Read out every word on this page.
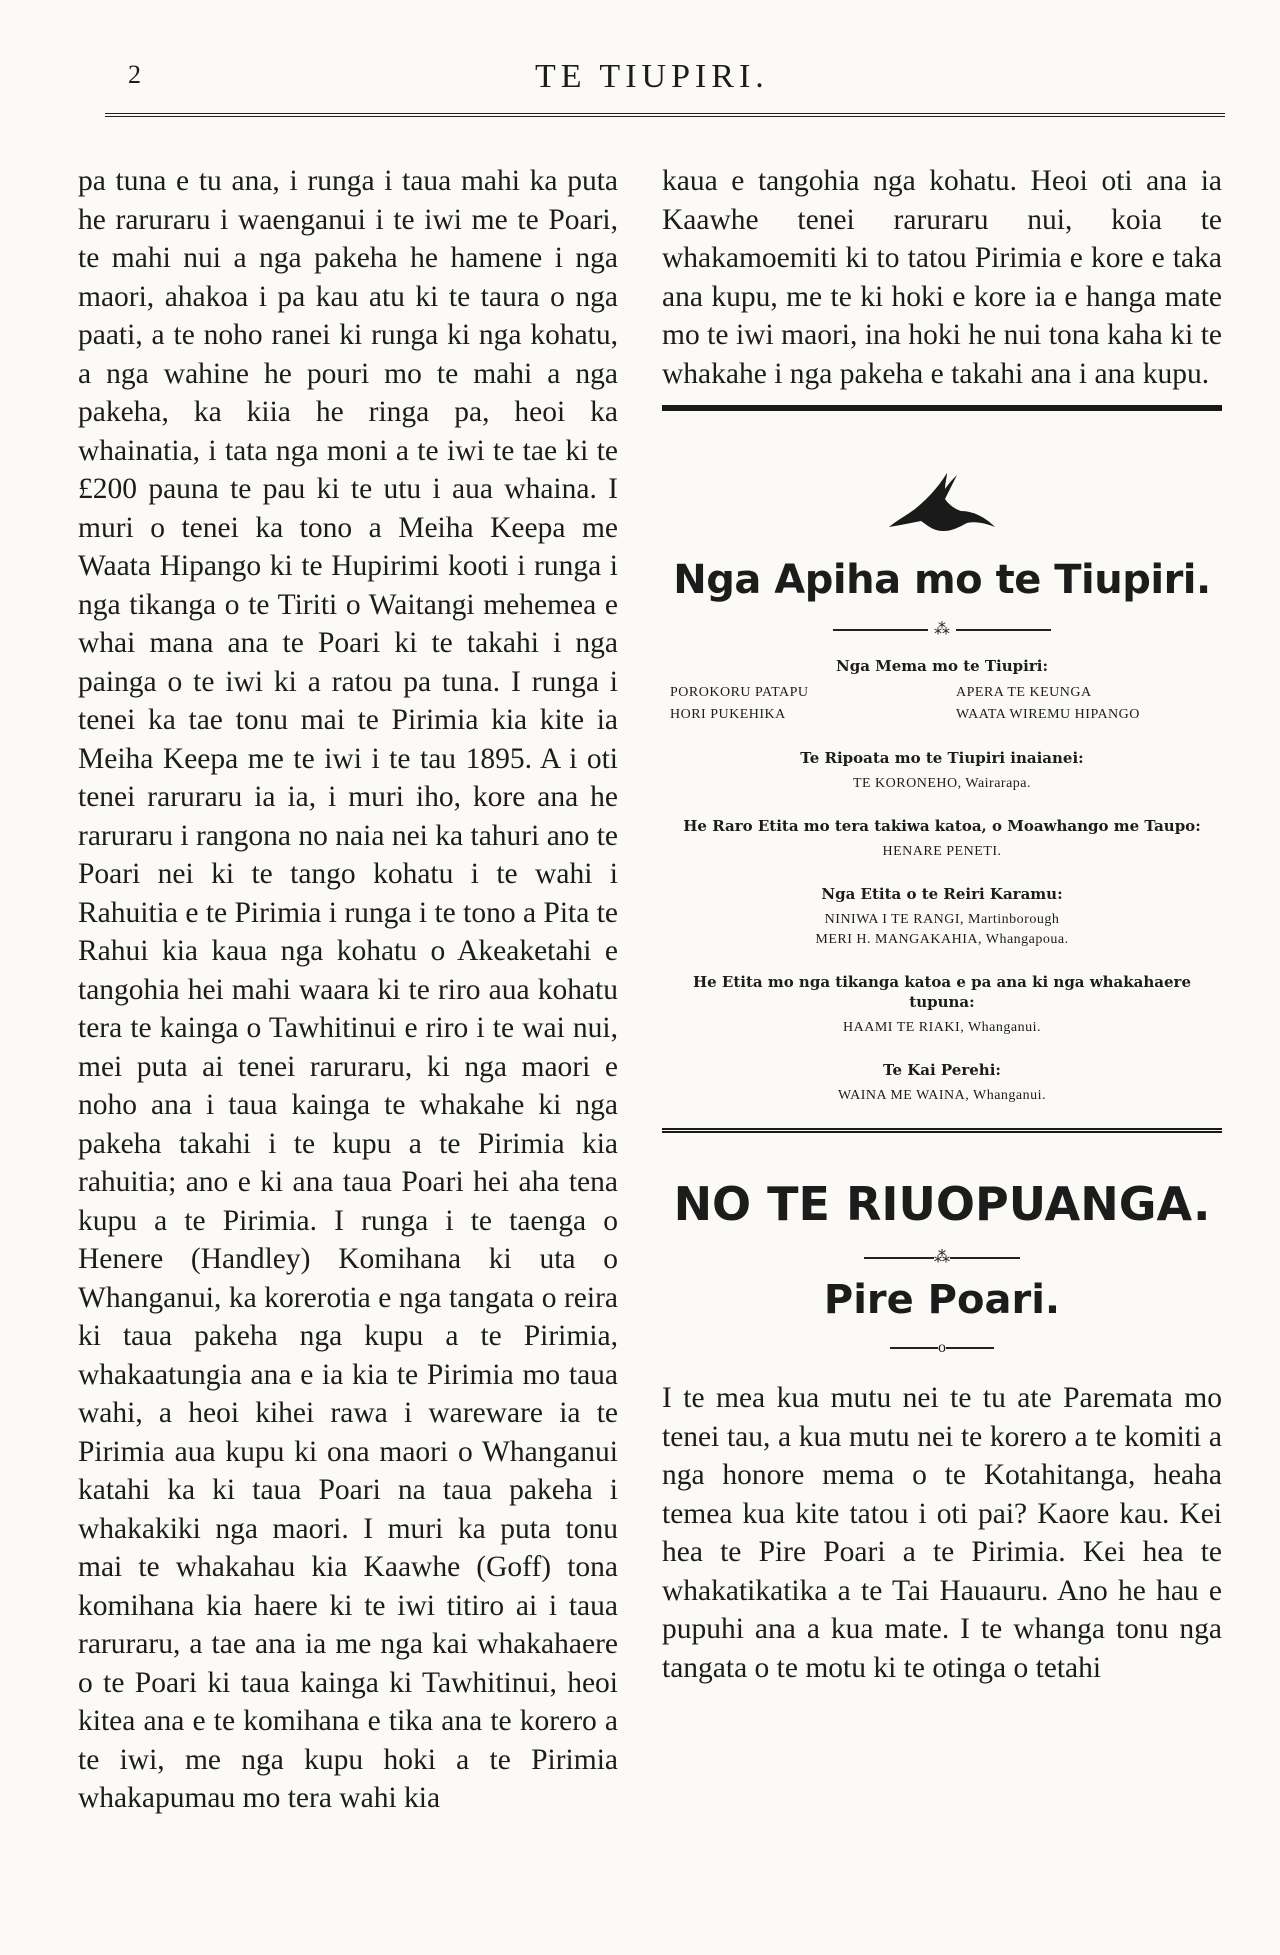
2	TE TIUPIRI.

pa tuna e tu ana, i runga i taua mahi ka puta he raruraru i waenganui i te iwi me te Poari, te mahi nui a nga pakeha he hamene i nga maori, ahakoa i pa kau atu ki te taura o nga paati, a te noho ranei ki runga ki nga kohatu, a nga wahine he pouri mo te mahi a nga pakeha, ka kiia he ringa pa, heoi ka whainatia, i tata nga moni a te iwi te tae ki te £200 pauna te pau ki te utu i aua whaina. I muri o tenei ka tono a Meiha Keepa me Waata Hipango ki te Hupirimi kooti i runga i nga tikanga o te Tiriti o Waitangi mehemea e whai mana ana te Poari ki te takahi i nga painga o te iwi ki a ratou pa tuna. I runga i tenei ka tae tonu mai te Pirimia kia kite ia Meiha Keepa me te iwi i te tau 1895. A i oti tenei raruraru ia ia, i muri iho, kore ana he raruraru i rangona no naia nei ka tahuri ano te Poari nei ki te tango kohatu i te wahi i Rahuitia e te Pirimia i runga i te tono a Pita te Rahui kia kaua nga kohatu o Akeaketahi e tangohia hei mahi waara ki te riro aua kohatu tera te kainga o Tawhitinui e riro i te wai nui, mei puta ai tenei raruraru, ki nga maori e noho ana i taua kainga te whakahe ki nga pakeha takahi i te kupu a te Pirimia kia rahuitia; ano e ki ana taua Poari hei aha tena kupu a te Pirimia. I runga i te taenga o Henere (Handley) Komihana ki uta o Whanganui, ka korerotia e nga tangata o reira ki taua pakeha nga kupu a te Pirimia, whakaatungia ana e ia kia te Pirimia mo taua wahi, a heoi kihei rawa i wareware ia te Pirimia aua kupu ki ona maori o Whanganui katahi ka ki taua Poari na taua pakeha i whakakiki nga maori. I muri ka puta tonu mai te whakahau kia Kaawhe (Goff) tona komihana kia haere ki te iwi titiro ai i taua raruraru, a tae ana ia me nga kai whakahaere o te Poari ki taua kainga ki Tawhitinui, heoi kitea ana e te komihana e tika ana te korero a te iwi, me nga kupu hoki a te Pirimia whakapumau mo tera wahi kia

kaua e tangohia nga kohatu. Heoi oti ana ia Kaawhe tenei raruraru nui, koia te whakamoemiti ki to tatou Pirimia e kore e taka ana kupu, me te ki hoki e kore ia e hanga mate mo te iwi maori, ina hoki he nui tona kaha ki te whakahe i nga pakeha e takahi ana i ana kupu.

Nga Apiha mo te Tiupiri.
⁂
Nga Mema mo te Tiupiri:
POROKORU PATAPU	APERA TE KEUNGA
HORI PUKEHIKA	WAATA WIREMU HIPANGO
Te Ripoata mo te Tiupiri inaianei:
TE KORONEHO, Wairarapa.
He Raro Etita mo tera takiwa katoa, o Moawhango me Taupo:
HENARE PENETI.
Nga Etita o te Reiri Karamu:
NINIWA I TE RANGI, Martinborough
MERI H. MANGAKAHIA, Whangapoua.
He Etita mo nga tikanga katoa e pa ana ki nga whakahaere tupuna:
HAAMI TE RIAKI, Whanganui.
Te Kai Perehi:
WAINA ME WAINA, Whanganui.
NO TE RIUOPUANGA.
⁂
Pire Poari.
o

I te mea kua mutu nei te tu ate Paremata mo tenei tau, a kua mutu nei te korero a te komiti a nga honore mema o te Kotahitanga, heaha temea kua kite tatou i oti pai? Kaore kau. Kei hea te Pire Poari a te Pirimia. Kei hea te whakatikatika a te Tai Hauauru. Ano he hau e pupuhi ana a kua mate. I te whanga tonu nga tangata o te motu ki te otinga o tetahi
